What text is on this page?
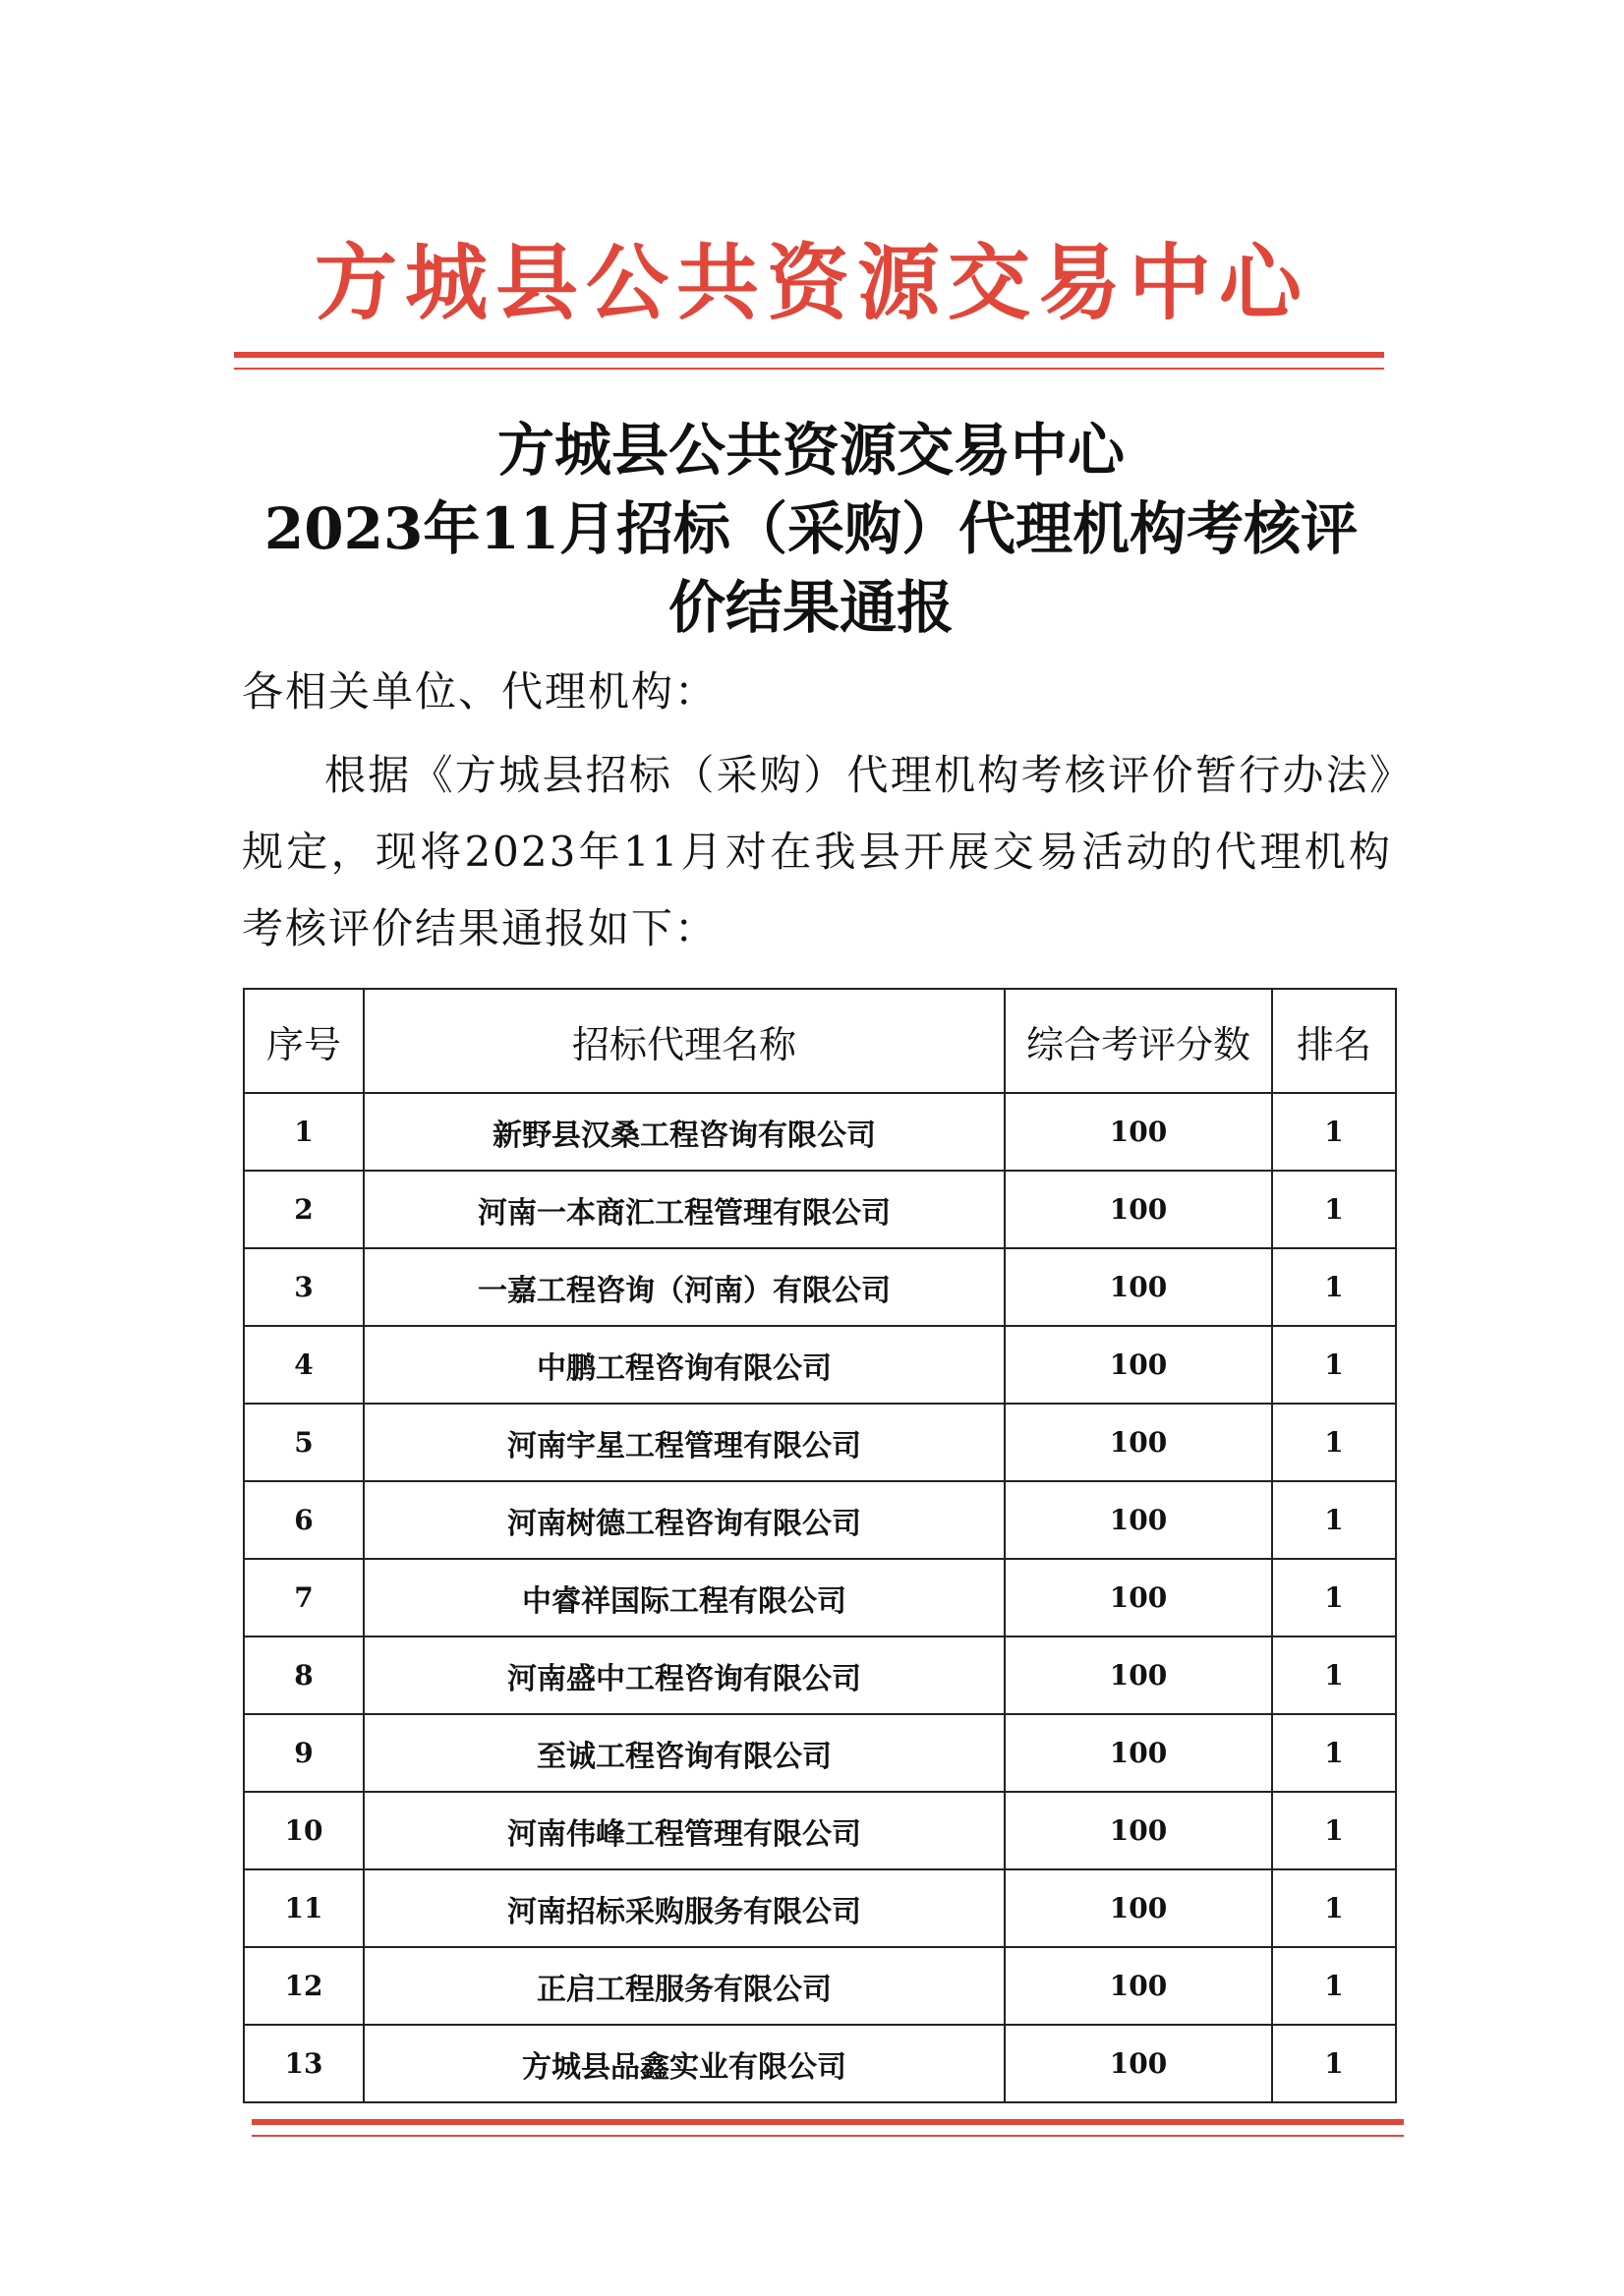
方城县公共资源交易中心
方城县公共资源交易中心
2023年11月招标（采购）代理机构考核评
价结果通报
各相关单位、代理机构：
根据《方城县招标（采购）代理机构考核评价暂行办法》规定，现将2023年11月对在我县开展交易活动的代理机构考核评价结果通报如下：
序号	招标代理名称	综合考评分数	排名
1	新野县汉桑工程咨询有限公司	100	1
2	河南一本商汇工程管理有限公司	100	1
3	一嘉工程咨询（河南）有限公司	100	1
4	中鹏工程咨询有限公司	100	1
5	河南宇星工程管理有限公司	100	1
6	河南树德工程咨询有限公司	100	1
7	中睿祥国际工程有限公司	100	1
8	河南盛中工程咨询有限公司	100	1
9	至诚工程咨询有限公司	100	1
10	河南伟峰工程管理有限公司	100	1
11	河南招标采购服务有限公司	100	1
12	正启工程服务有限公司	100	1
13	方城县品鑫实业有限公司	100	1
